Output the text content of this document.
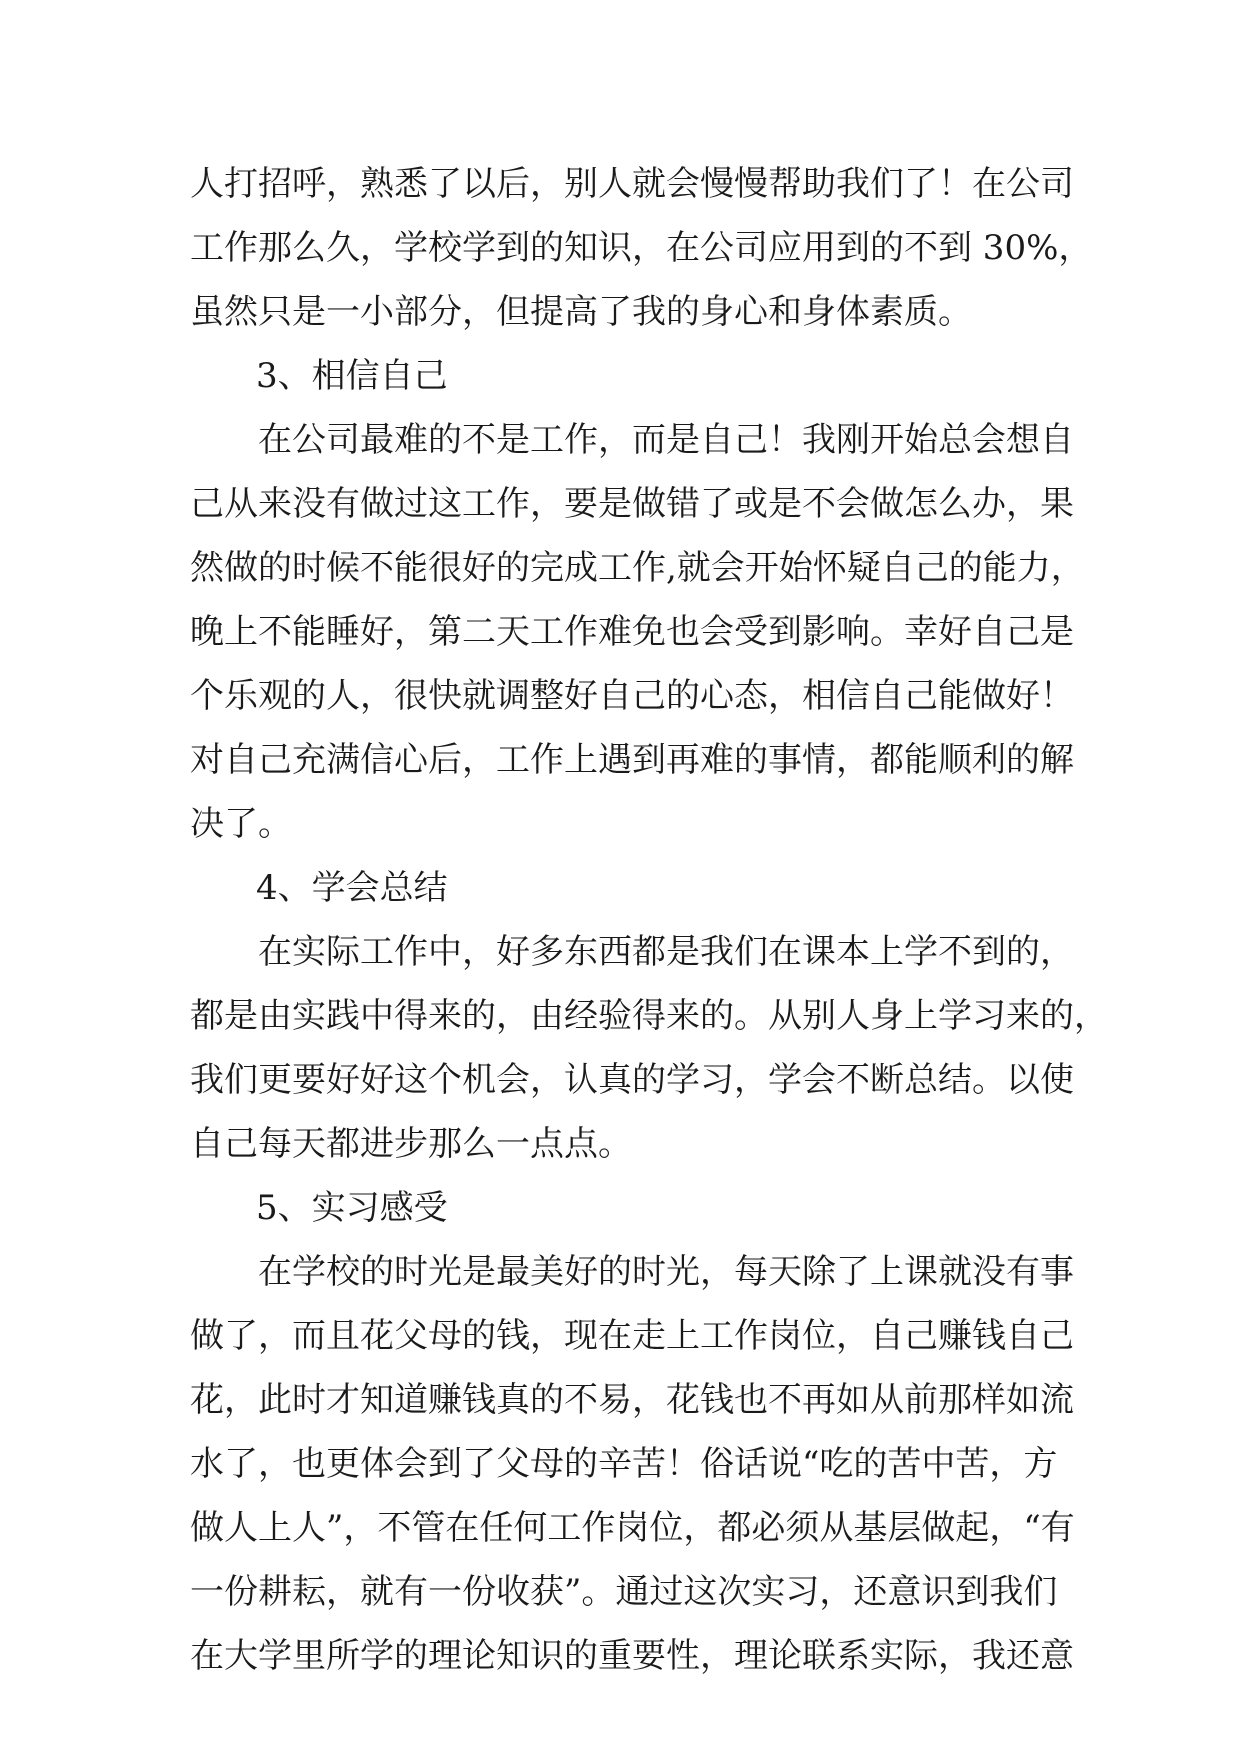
人打招呼，熟悉了以后，别人就会慢慢帮助我们了！在公司
工作那么久，学校学到的知识，在公司应用到的不到 30%，
虽然只是一小部分，但提高了我的身心和身体素质。
3、相信自己
在公司最难的不是工作，而是自己！我刚开始总会想自
己从来没有做过这工作，要是做错了或是不会做怎么办，果
然做的时候不能很好的完成工作,就会开始怀疑自己的能力，
晚上不能睡好，第二天工作难免也会受到影响。幸好自己是
个乐观的人，很快就调整好自己的心态，相信自己能做好！
对自己充满信心后，工作上遇到再难的事情，都能顺利的解
决了。
4、学会总结
在实际工作中，好多东西都是我们在课本上学不到的，
都是由实践中得来的，由经验得来的。从别人身上学习来的，
我们更要好好这个机会，认真的学习，学会不断总结。以使
自己每天都进步那么一点点。
5、实习感受
在学校的时光是最美好的时光，每天除了上课就没有事
做了，而且花父母的钱，现在走上工作岗位，自己赚钱自己
花，此时才知道赚钱真的不易，花钱也不再如从前那样如流
水了，也更体会到了父母的辛苦！俗话说“吃的苦中苦，方
做人上人”，不管在任何工作岗位，都必须从基层做起，“有
一份耕耘，就有一份收获”。通过这次实习，还意识到我们
在大学里所学的理论知识的重要性，理论联系实际，我还意
